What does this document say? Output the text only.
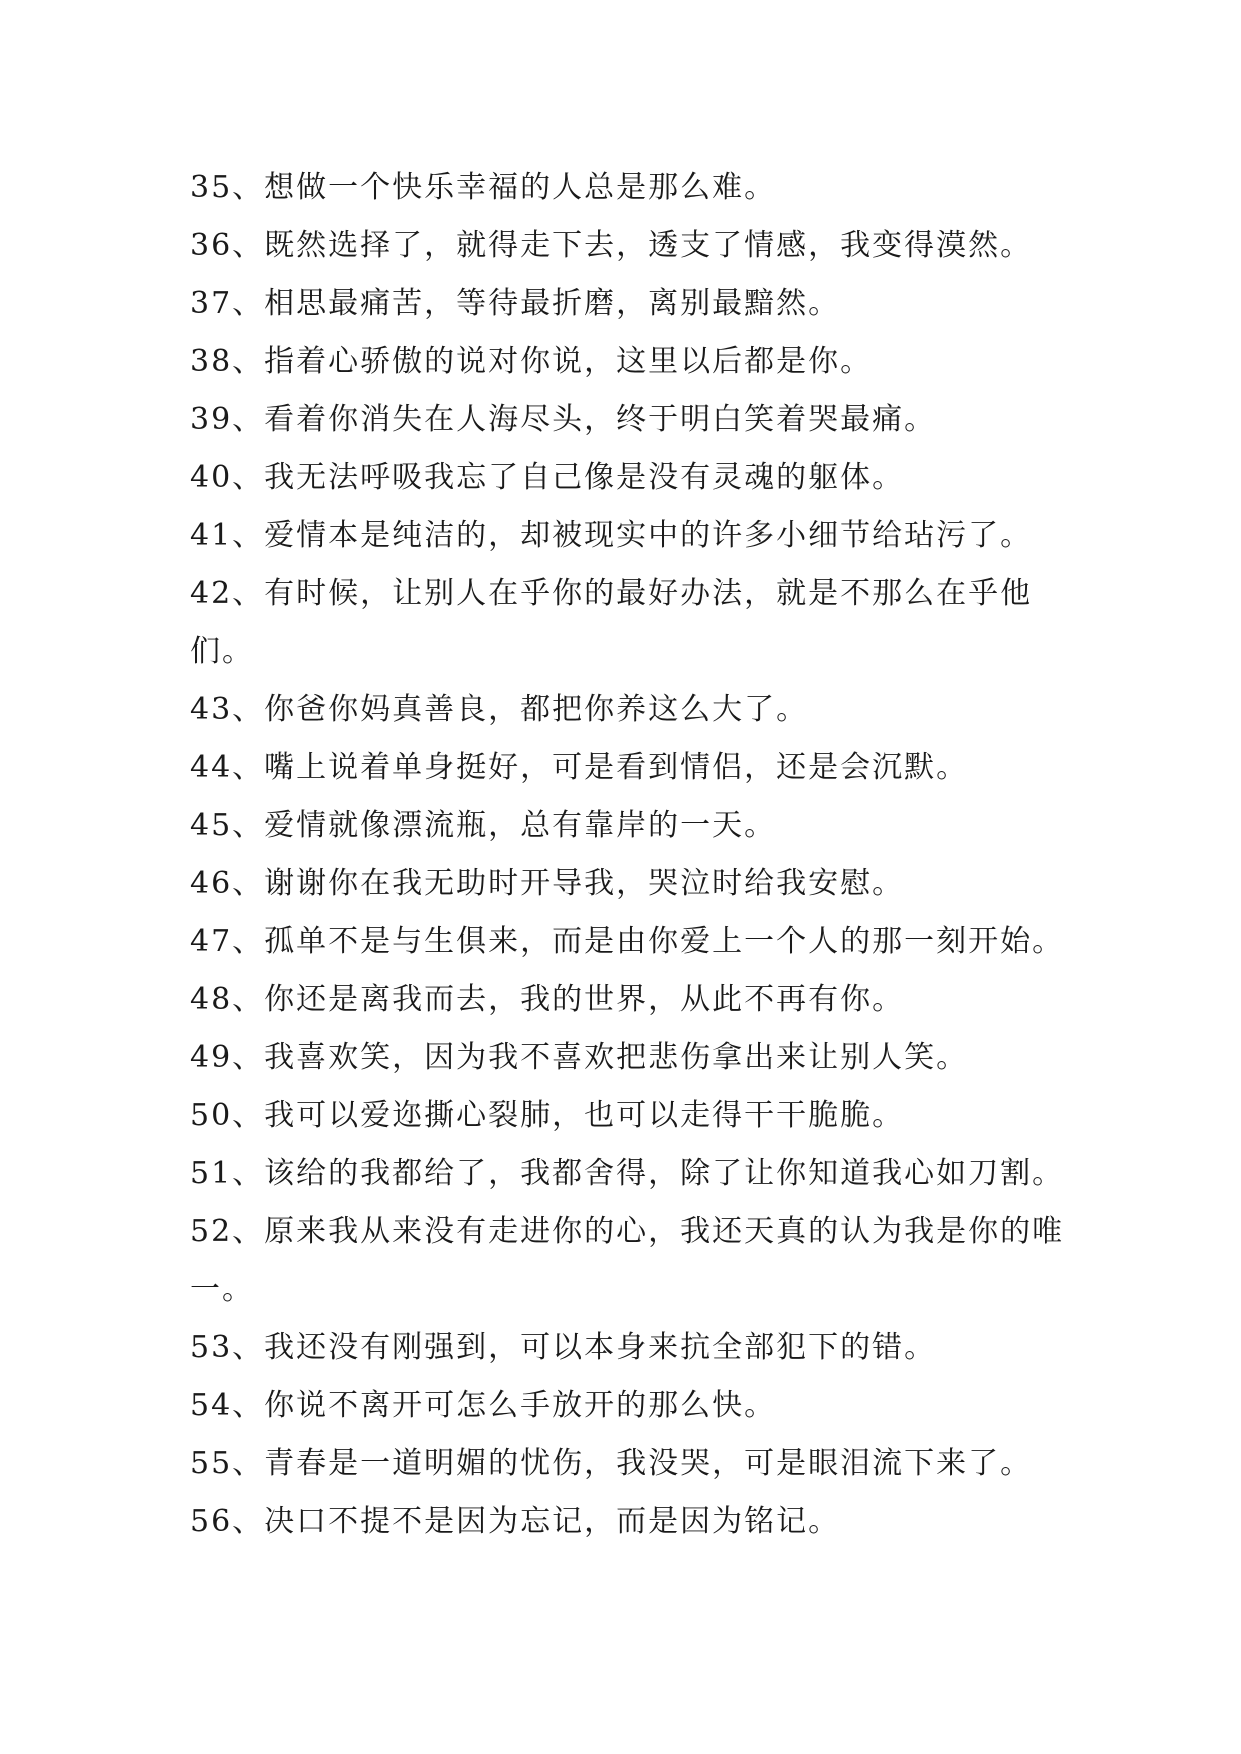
35、想做一个快乐幸福的人总是那么难。
36、既然选择了，就得走下去，透支了情感，我变得漠然。
37、相思最痛苦，等待最折磨，离别最黯然。
38、指着心骄傲的说对你说，这里以后都是你。
39、看着你消失在人海尽头，终于明白笑着哭最痛。
40、我无法呼吸我忘了自己像是没有灵魂的躯体。
41、爱情本是纯洁的，却被现实中的许多小细节给玷污了。
42、有时候，让别人在乎你的最好办法，就是不那么在乎他们。
43、你爸你妈真善良，都把你养这么大了。
44、嘴上说着单身挺好，可是看到情侣，还是会沉默。
45、爱情就像漂流瓶，总有靠岸的一天。
46、谢谢你在我无助时开导我，哭泣时给我安慰。
47、孤单不是与生俱来，而是由你爱上一个人的那一刻开始。
48、你还是离我而去，我的世界，从此不再有你。
49、我喜欢笑，因为我不喜欢把悲伤拿出来让别人笑。
50、我可以爱迩撕心裂肺，也可以走得干干脆脆。
51、该给的我都给了，我都舍得，除了让你知道我心如刀割。
52、原来我从来没有走进你的心，我还天真的认为我是你的唯一。
53、我还没有刚强到，可以本身来抗全部犯下的错。
54、你说不离开可怎么手放开的那么快。
55、青春是一道明媚的忧伤，我没哭，可是眼泪流下来了。
56、决口不提不是因为忘记，而是因为铭记。
